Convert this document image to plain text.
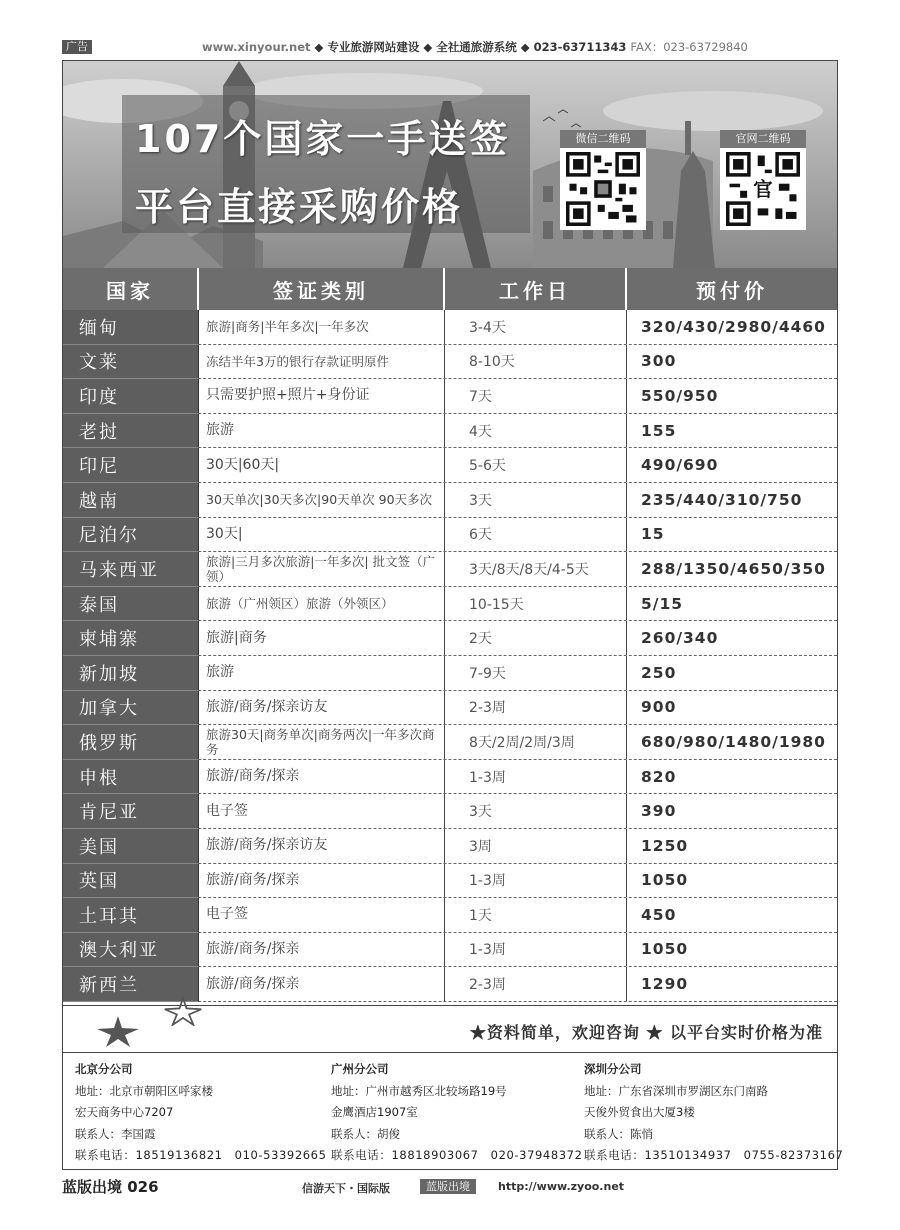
广告	www.xinyour.net ◆ 专业旅游网站建设 ◆ 全社通旅游系统 ◆ 023-63711343 FAX：023-63729840
107个国家一手送签
平台直接采购价格
微信二维码	官网二维码
官
国家	签证类别	工作日	预付价
缅甸	旅游|商务|半年多次|一年多次	3-4天	320/430/2980/4460
文莱	冻结半年3万的银行存款证明原件	8-10天	300
印度	只需要护照+照片+身份证	7天	550/950
老挝	旅游	4天	155
印尼	30天|60天|	5-6天	490/690
越南	30天单次|30天多次|90天单次 90天多次	3天	235/440/310/750
尼泊尔	30天|	6天	15
马来西亚	旅游|三月多次旅游|一年多次| 批文签（广领）	3天/8天/8天/4-5天	288/1350/4650/350
泰国	旅游（广州领区）旅游（外领区）	10-15天	5/15
柬埔寨	旅游|商务	2天	260/340
新加坡	旅游	7-9天	250
加拿大	旅游/商务/探亲访友	2-3周	900
俄罗斯	旅游30天|商务单次|商务两次|一年多次商务	8天/2周/2周/3周	680/980/1480/1980
申根	旅游/商务/探亲	1-3周	820
肯尼亚	电子签	3天	390
美国	旅游/商务/探亲访友	3周	1250
英国	旅游/商务/探亲	1-3周	1050
土耳其	电子签	1天	450
澳大利亚	旅游/商务/探亲	1-3周	1050
新西兰	旅游/商务/探亲	2-3周	1290
★资料简单，欢迎咨询 ★ 以平台实时价格为准
北京分公司
地址：北京市朝阳区呼家楼
宏天商务中心7207
联系人：李国霞
联系电话：18519136821　010-53392665
广州分公司
地址：广州市越秀区北较场路19号
金鹰酒店1907室
联系人：胡俊
联系电话：18818903067　020-37948372
深圳分公司
地址：广东省深圳市罗湖区东门南路
天俊外贸食出大厦3楼
联系人：陈悄
联系电话：13510134937　0755-82373167
蓝版出境 026	信游天下・国际版	蓝版出境	http://www.zyoo.net
